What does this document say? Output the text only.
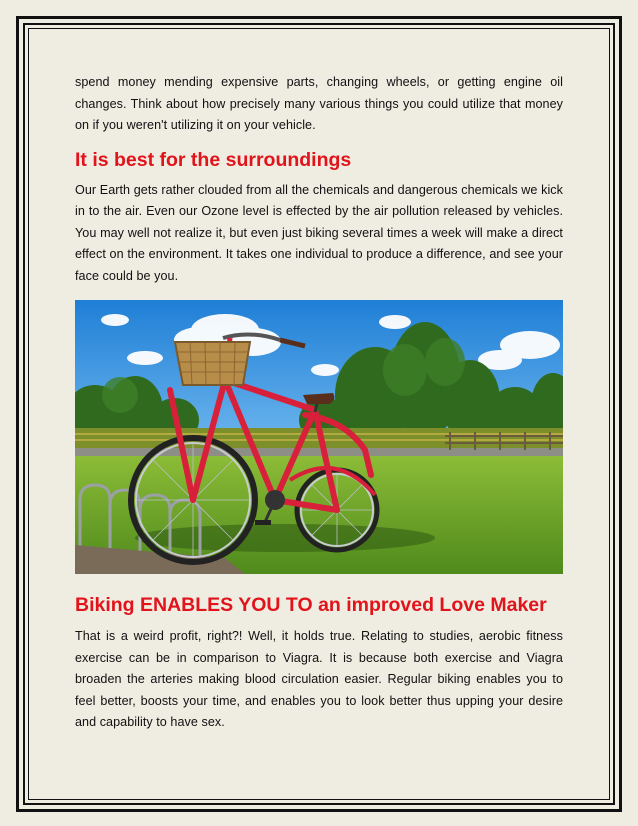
spend money mending expensive parts, changing wheels, or getting engine oil changes. Think about how precisely many various things you could utilize that money on if you weren't utilizing it on your vehicle.

It is best for the surroundings

Our Earth gets rather clouded from all the chemicals and dangerous chemicals we kick in to the air. Even our Ozone level is effected by the air pollution released by vehicles. You may well not realize it, but even just biking several times a week will make a direct effect on the environment. It takes one individual to produce a difference, and see your face could be you.

Biking ENABLES YOU TO an improved Love Maker

That is a weird profit, right?! Well, it holds true. Relating to studies, aerobic fitness exercise can be in comparison to Viagra. It is because both exercise and Viagra broaden the arteries making blood circulation easier. Regular biking enables you to feel better, boosts your time, and enables you to look better thus upping your desire and capability to have sex.
